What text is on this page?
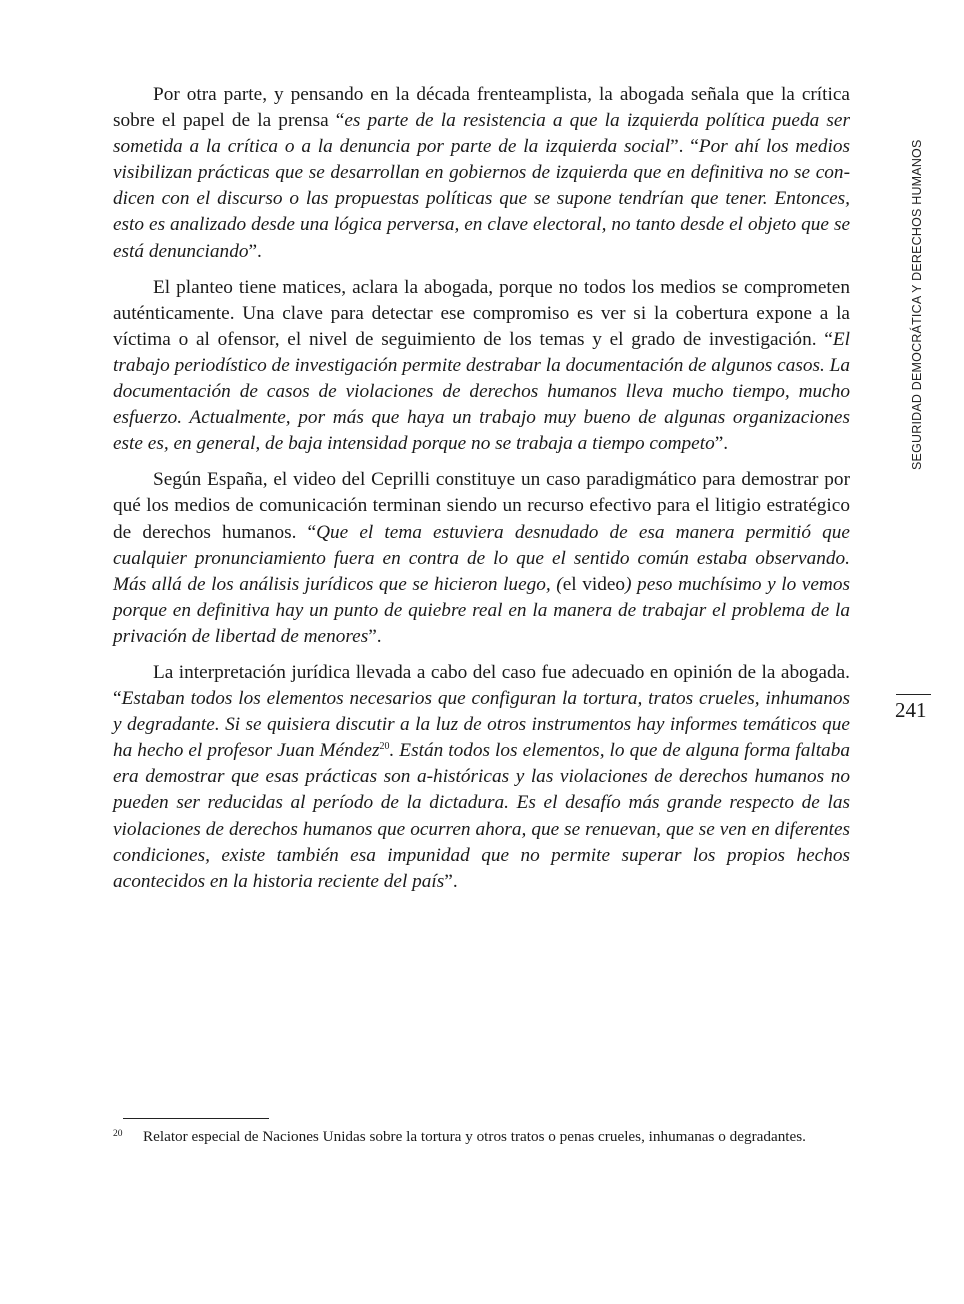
SEGURIDAD DEMOCRÁTICA Y DERECHOS HUMANOS
241

Por otra parte, y pensando en la década frenteamplista, la abogada señala que la crítica sobre el papel de la prensa “es parte de la resistencia a que la izquierda política pueda ser sometida a la crítica o a la denuncia por parte de la izquierda social”. “Por ahí los medios visibilizan prácticas que se desarrollan en gobiernos de izquierda que en definitiva no se condicen con el discurso o las propuestas políticas que se supone tendrían que tener. Entonces, esto es analizado desde una lógica perversa, en clave electoral, no tanto desde el objeto que se está denunciando”.

El planteo tiene matices, aclara la abogada, porque no todos los medios se comprometen auténticamente. Una clave para detectar ese compromiso es ver si la cobertura expone a la víctima o al ofensor, el nivel de seguimiento de los temas y el grado de investigación. “El trabajo periodístico de investigación permite destrabar la documentación de algunos casos. La documentación de casos de violaciones de derechos humanos lleva mucho tiempo, mucho esfuerzo. Actualmente, por más que haya un trabajo muy bueno de algunas organizaciones este es, en general, de baja intensidad porque no se trabaja a tiempo competo”.

Según España, el video del Ceprilli constituye un caso paradigmático para demostrar por qué los medios de comunicación terminan siendo un recurso efectivo para el litigio estratégico de derechos humanos. “Que el tema estuviera desnudado de esa manera permitió que cualquier pronunciamiento fuera en contra de lo que el sentido común estaba observando. Más allá de los análisis jurídicos que se hicieron luego, (el video) peso muchísimo y lo vemos porque en definitiva hay un punto de quiebre real en la manera de trabajar el problema de la privación de libertad de menores”.

La interpretación jurídica llevada a cabo del caso fue adecuado en opinión de la abogada. “Estaban todos los elementos necesarios que configuran la tortura, tratos crueles, inhumanos y degradante. Si se quisiera discutir a la luz de otros instrumentos hay informes temáticos que ha hecho el profesor Juan Méndez$^{20}$. Están todos los elementos, lo que de alguna forma faltaba era demostrar que esas prácticas son a-históricas y las violaciones de derechos humanos no pueden ser reducidas al período de la dictadura. Es el desafío más grande respecto de las violaciones de derechos humanos que ocurren ahora, que se renuevan, que se ven en diferentes condiciones, existe también esa impunidad que no permite superar los propios hechos acontecidos en la historia reciente del país”.

20 Relator especial de Naciones Unidas sobre la tortura y otros tratos o penas crueles, inhumanas o degradantes.
